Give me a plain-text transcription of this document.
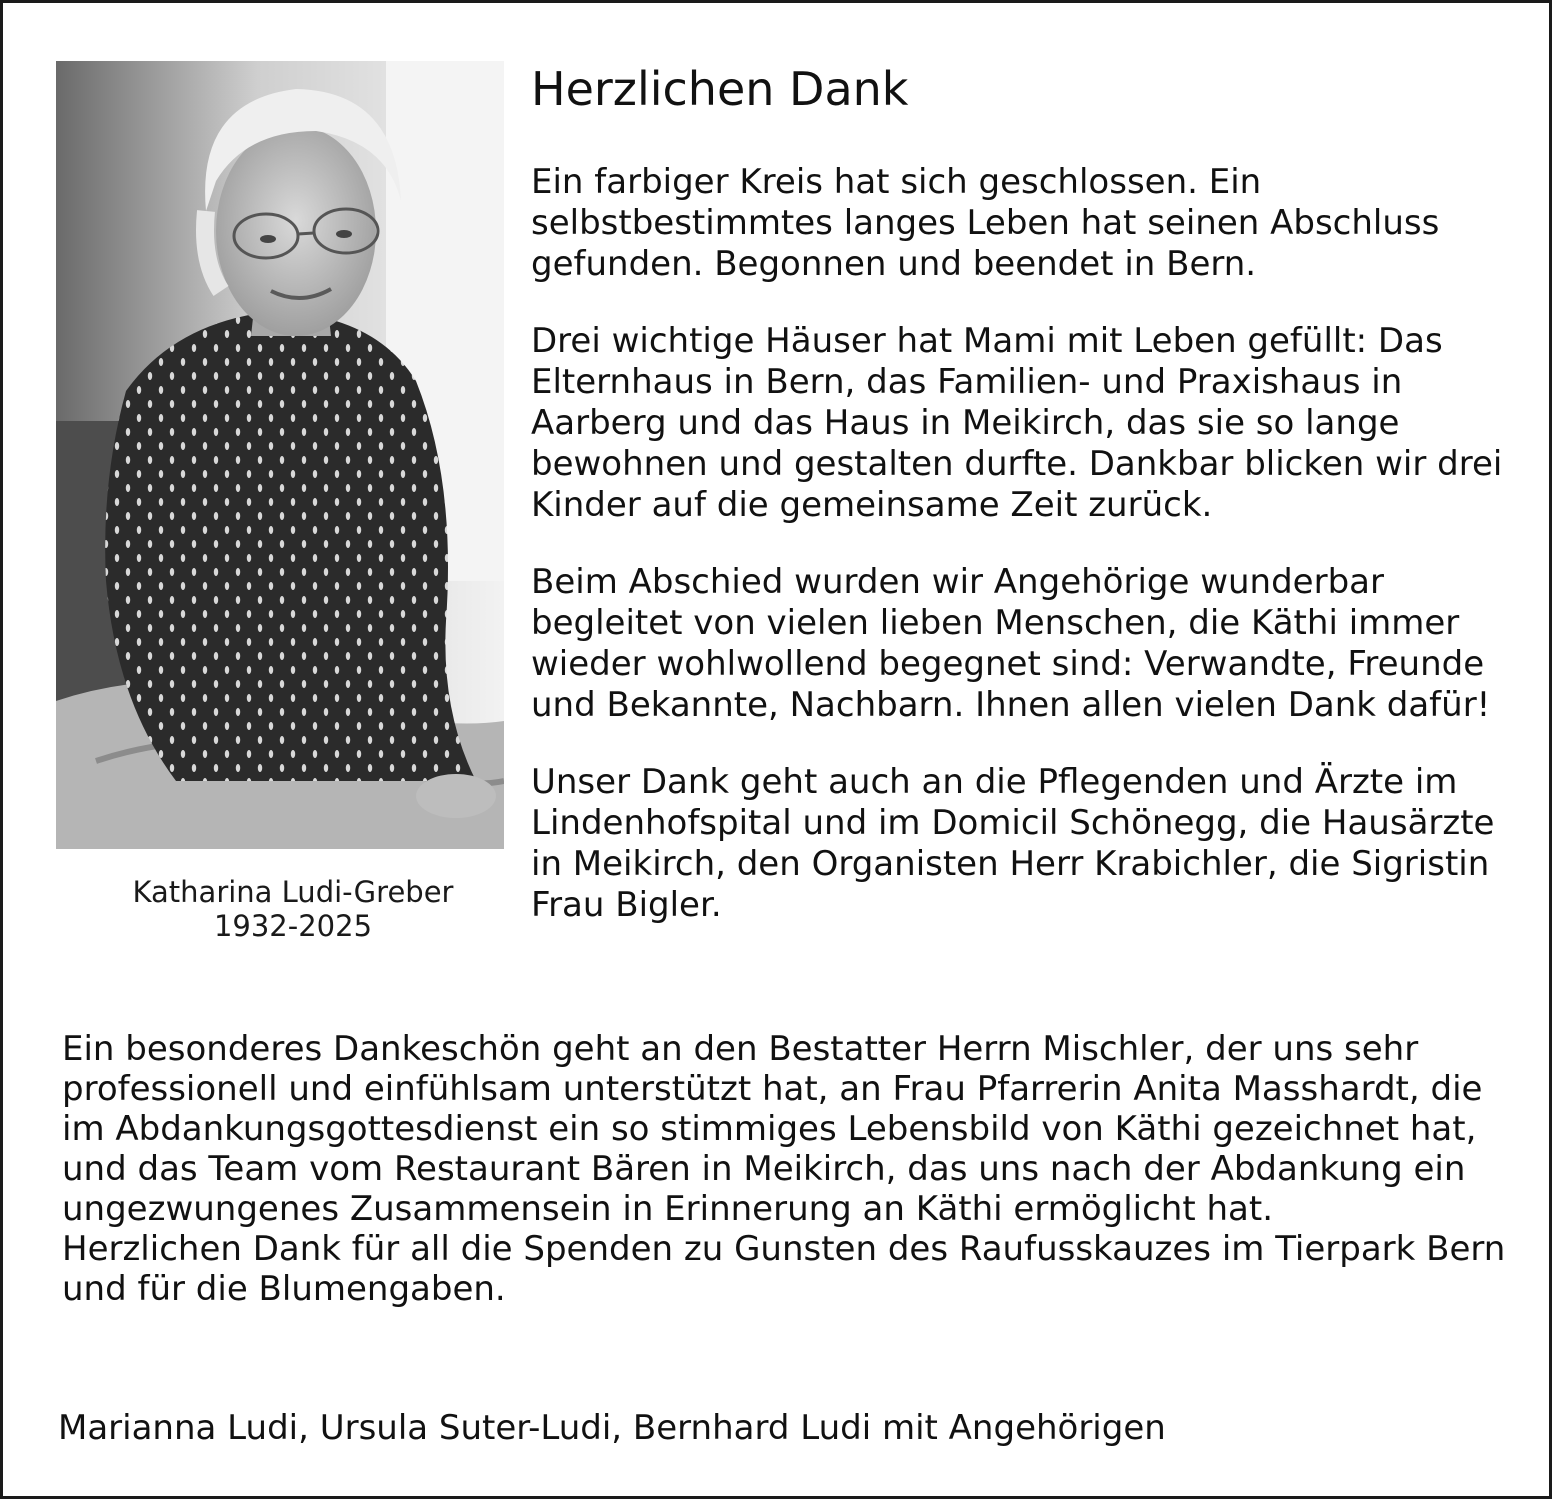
Katharina Ludi-Greber
1932-2025
Herzlichen Dank

Ein farbiger Kreis hat sich geschlossen. Ein selbstbestimmtes langes Leben hat seinen Abschluss gefunden. Begonnen und beendet in Bern.

Drei wichtige Häuser hat Mami mit Leben gefüllt: Das Elternhaus in Bern, das Familien- und Praxishaus in Aarberg und das Haus in Meikirch, das sie so lange bewohnen und gestalten durfte. Dankbar blicken wir drei Kinder auf die gemeinsame Zeit zurück.

Beim Abschied wurden wir Angehörige wunderbar begleitet von vielen lieben Menschen, die Käthi immer wieder wohlwollend begegnet sind: Verwandte, Freunde und Bekannte, Nachbarn. Ihnen allen vielen Dank dafür!

Unser Dank geht auch an die Pflegenden und Ärzte im Lindenhofspital und im Domicil Schönegg, die Hausärzte in Meikirch, den Organisten Herr Krabichler, die Sigristin Frau Bigler.

Ein besonderes Dankeschön geht an den Bestatter Herrn Mischler, der uns sehr professionell und einfühlsam unterstützt hat, an Frau Pfarrerin Anita Masshardt, die im Abdankungsgottesdienst ein so stimmiges Lebensbild von Käthi gezeichnet hat, und das Team vom Restaurant Bären in Meikirch, das uns nach der Abdankung ein ungezwungenes Zusammensein in Erinnerung an Käthi ermöglicht hat.

Herzlichen Dank für all die Spenden zu Gunsten des Raufusskauzes im Tierpark Bern und für die Blumengaben.

Marianna Ludi, Ursula Suter-Ludi, Bernhard Ludi mit Angehörigen
